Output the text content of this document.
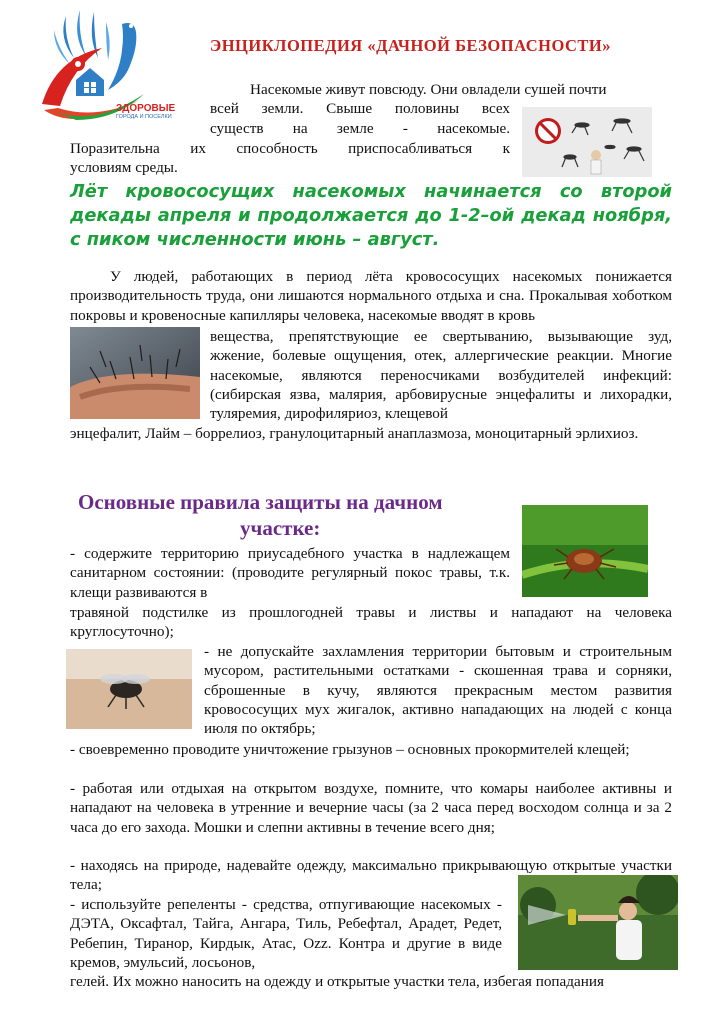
ЗДОРОВЫЕ
ГОРОДА И ПОСЕЛКИ
ЭНЦИКЛОПЕДИЯ «ДАЧНОЙ БЕЗОПАСНОСТИ»
Насекомые живут повсюду. Они овладели сушей почти
всей земли. Свыше половины всех
существ на земле - насекомые.
Поразительна их способность приспосабливаться к
условиям среды.
Лёт кровососущих насекомых начинается со второй декады апреля и продолжается до 1-2–ой декад ноября, с пиком численности июнь – август.
У людей, работающих в период лёта кровососущих насекомых понижается производительность труда, они лишаются нормального отдыха и сна. Прокалывая хоботком покровы и кровеносные капилляры человека, насекомые вводят в кровь
вещества, препятствующие ее свертыванию, вызывающие зуд, жжение, болевые ощущения, отек, аллергические реакции. Многие насекомые, являются переносчиками возбудителей инфекций: (сибирская язва, малярия, арбовирусные энцефалиты и лихорадки, туляремия, дирофиляриоз, клещевой
энцефалит, Лайм – боррелиоз, гранулоцитарный анаплазмоза, моноцитарный эрлихиоз.
Основные правила защиты на дачном
участке:
- содержите территорию приусадебного участка в надлежащем санитарном состоянии: (проводите регулярный покос травы, т.к. клещи развиваются в
травяной подстилке из прошлогодней травы и листвы и нападают на человека круглосуточно);
- не допускайте захламления территории бытовым и строительным мусором, растительными остатками - скошенная трава и сорняки, сброшенные в кучу, являются прекрасным местом развития кровососущих мух жигалок, активно нападающих на людей с конца июля по октябрь;
- своевременно проводите уничтожение грызунов – основных прокормителей клещей;
- работая или отдыхая на открытом воздухе, помните, что комары наиболее активны и нападают на человека в утренние и вечерние часы (за 2 часа перед восходом солнца и за 2 часа до его захода. Мошки и слепни активны в течение всего дня;
- находясь на природе, надевайте одежду, максимально прикрывающую открытые участки тела;
- используйте репеленты - средства, отпугивающие насекомых - ДЭТА, Оксафтал, Тайга, Ангара, Тиль, Ребефтал, Арадет, Редет, Ребепин, Тиранор, Кирдык, Атас, Ozz. Контра и другие в виде кремов, эмульсий, лосьонов,
гелей. Их можно наносить на одежду и открытые участки тела, избегая попадания
